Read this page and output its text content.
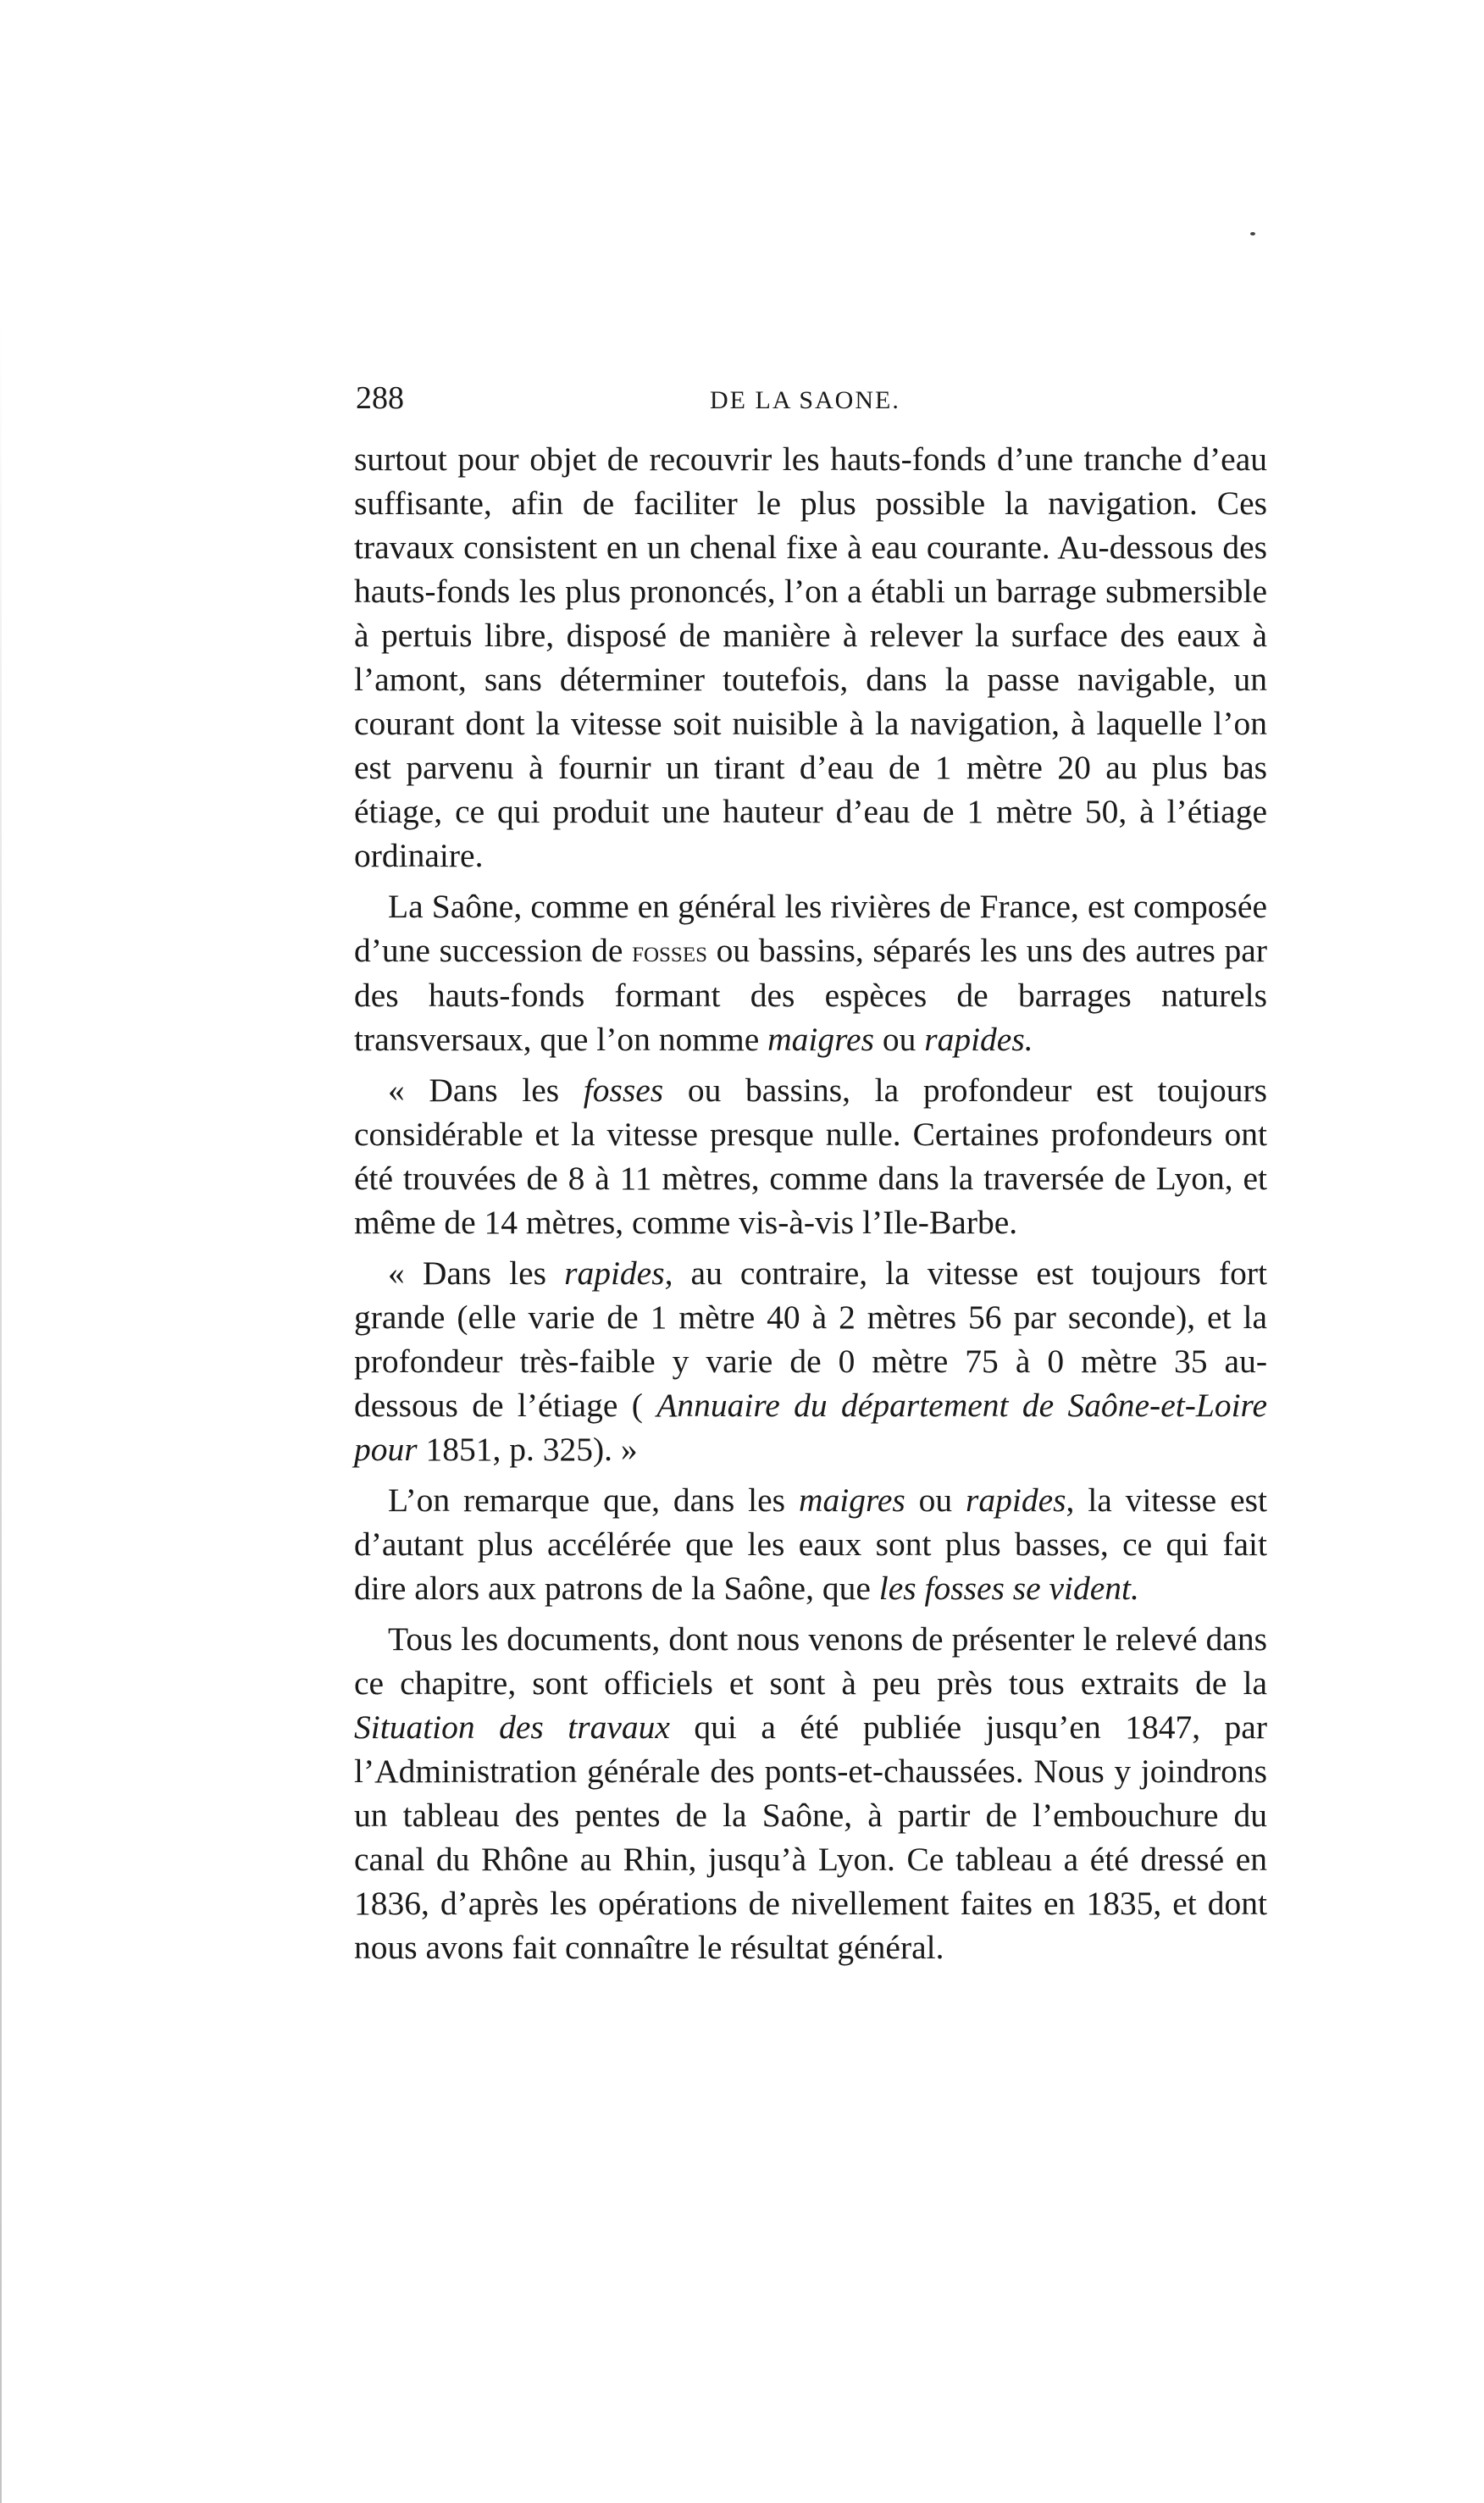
288	DE LA SAONE.

surtout pour objet de recouvrir les hauts-fonds d’une tranche d’eau suffisante, afin de faciliter le plus possible la navigation. Ces travaux consistent en un chenal fixe à eau courante. Au-dessous des hauts-fonds les plus prononcés, l’on a établi un barrage submersible à pertuis libre, disposé de manière à relever la surface des eaux à l’amont, sans déterminer toutefois, dans la passe navigable, un courant dont la vitesse soit nuisible à la navigation, à laquelle l’on est parvenu à fournir un tirant d’eau de 1 mètre 20 au plus bas étiage, ce qui produit une hauteur d’eau de 1 mètre 50, à l’étiage ordinaire.

La Saône, comme en général les rivières de France, est composée d’une succession de fosses ou bassins, séparés les uns des autres par des hauts-fonds formant des espèces de barrages naturels transversaux, que l’on nomme maigres ou rapides.

« Dans les fosses ou bassins, la profondeur est toujours considérable et la vitesse presque nulle. Certaines profondeurs ont été trouvées de 8 à 11 mètres, comme dans la traversée de Lyon, et même de 14 mètres, comme vis-à-vis l’Ile-Barbe.

« Dans les rapides, au contraire, la vitesse est toujours fort grande (elle varie de 1 mètre 40 à 2 mètres 56 par seconde), et la profondeur très-faible y varie de 0 mètre 75 à 0 mètre 35 au-dessous de l’étiage ( Annuaire du département de Saône-et-Loire pour 1851, p. 325). »

L’on remarque que, dans les maigres ou rapides, la vitesse est d’autant plus accélérée que les eaux sont plus basses, ce qui fait dire alors aux patrons de la Saône, que les fosses se vident.

Tous les documents, dont nous venons de présenter le relevé dans ce chapitre, sont officiels et sont à peu près tous extraits de la Situation des travaux qui a été publiée jusqu’en 1847, par l’Administration générale des ponts-et-chaussées. Nous y joindrons un tableau des pentes de la Saône, à partir de l’embouchure du canal du Rhône au Rhin, jusqu’à Lyon. Ce tableau a été dressé en 1836, d’après les opérations de nivellement faites en 1835, et dont nous avons fait connaître le résultat général.
